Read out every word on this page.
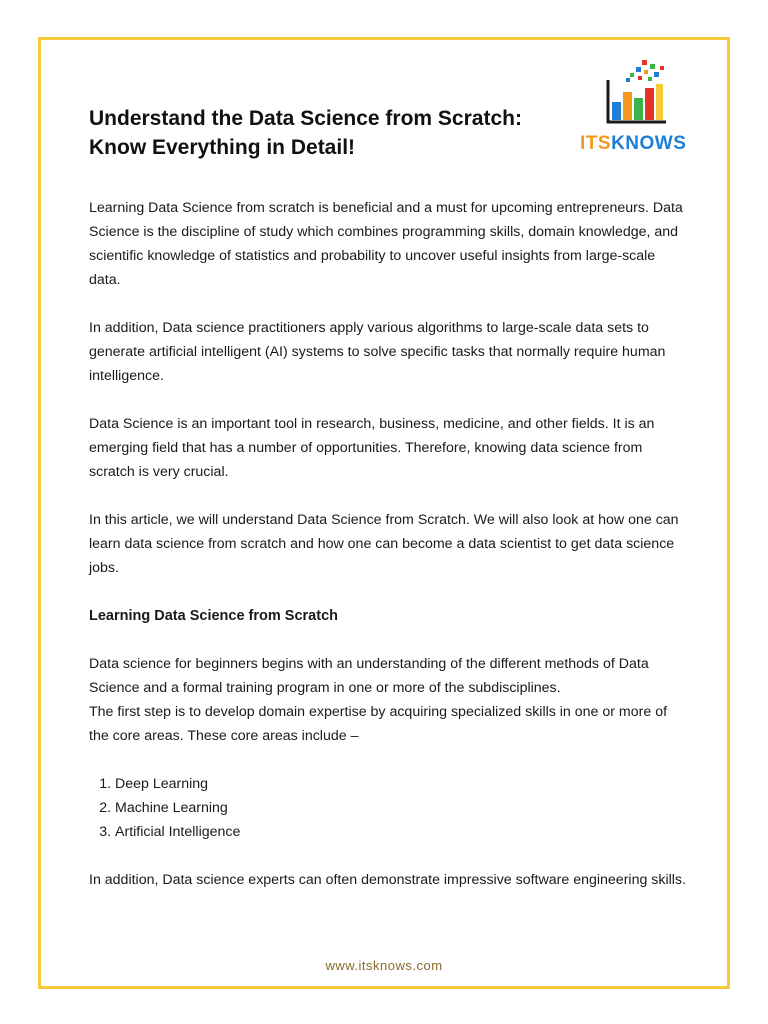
Understand the Data Science from Scratch: Know Everything in Detail!	ITSKNOWS

Learning Data Science from scratch is beneficial and a must for upcoming entrepreneurs. Data Science is the discipline of study which combines programming skills, domain knowledge, and scientific knowledge of statistics and probability to uncover useful insights from large-scale data.

In addition, Data science practitioners apply various algorithms to large-scale data sets to generate artificial intelligent (AI) systems to solve specific tasks that normally require human intelligence.

Data Science is an important tool in research, business, medicine, and other fields. It is an emerging field that has a number of opportunities. Therefore, knowing data science from scratch is very crucial.

In this article, we will understand Data Science from Scratch. We will also look at how one can learn data science from scratch and how one can become a data scientist to get data science jobs.

Learning Data Science from Scratch

Data science for beginners begins with an understanding of the different methods of Data Science and a formal training program in one or more of the subdisciplines.

The first step is to develop domain expertise by acquiring specialized skills in one or more of the core areas. These core areas include –

1. Deep Learning
2. Machine Learning
3. Artificial Intelligence

In addition, Data science experts can often demonstrate impressive software engineering skills.

www.itsknows.com
